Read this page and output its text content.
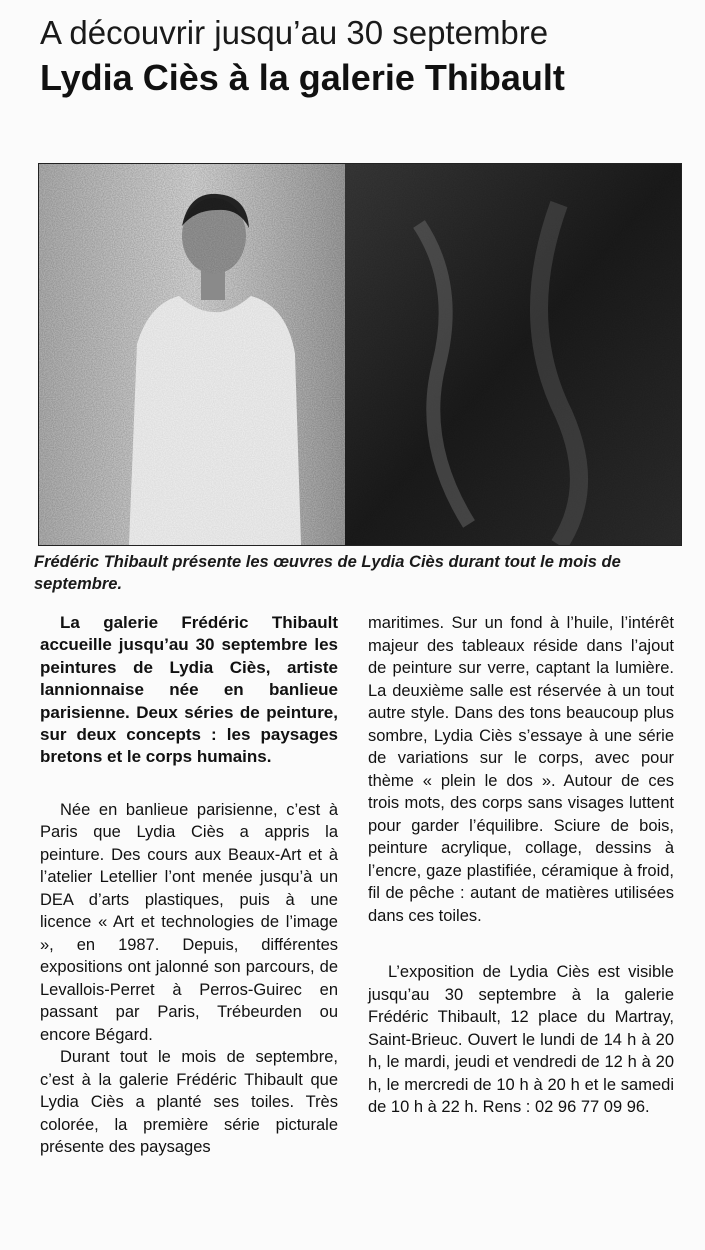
A découvrir jusqu’au 30 septembre
Lydia Ciès à la galerie Thibault
Frédéric Thibault présente les œuvres de Lydia Ciès durant tout le mois de septembre.

La galerie Frédéric Thibault accueille jusqu’au 30 septembre les peintures de Lydia Ciès, artiste lannionnaise née en banlieue parisienne. Deux séries de peinture, sur deux concepts : les paysages bretons et le corps humains.

Née en banlieue parisienne, c’est à Paris que Lydia Ciès a appris la peinture. Des cours aux Beaux-Art et à l’atelier Letellier l’ont menée jusqu’à un DEA d’arts plastiques, puis à une licence « Art et technologies de l’image », en 1987. Depuis, différentes expositions ont jalonné son parcours, de Levallois-Perret à Perros-Guirec en passant par Paris, Trébeurden ou encore Bégard.

Durant tout le mois de septembre, c’est à la galerie Frédéric Thibault que Lydia Ciès a planté ses toiles. Très colorée, la première série picturale présente des paysages

maritimes. Sur un fond à l’huile, l’intérêt majeur des tableaux réside dans l’ajout de peinture sur verre, captant la lumière. La deuxième salle est réservée à un tout autre style. Dans des tons beaucoup plus sombre, Lydia Ciès s’essaye à une série de variations sur le corps, avec pour thème « plein le dos ». Autour de ces trois mots, des corps sans visages luttent pour garder l’équilibre. Sciure de bois, peinture acrylique, collage, dessins à l’encre, gaze plastifiée, céramique à froid, fil de pêche : autant de matières utilisées dans ces toiles.

L’exposition de Lydia Ciès est visible jusqu’au 30 septembre à la galerie Frédéric Thibault, 12 place du Martray, Saint-Brieuc. Ouvert le lundi de 14 h à 20 h, le mardi, jeudi et vendredi de 12 h à 20 h, le mercredi de 10 h à 20 h et le samedi de 10 h à 22 h. Rens : 02 96 77 09 96.
